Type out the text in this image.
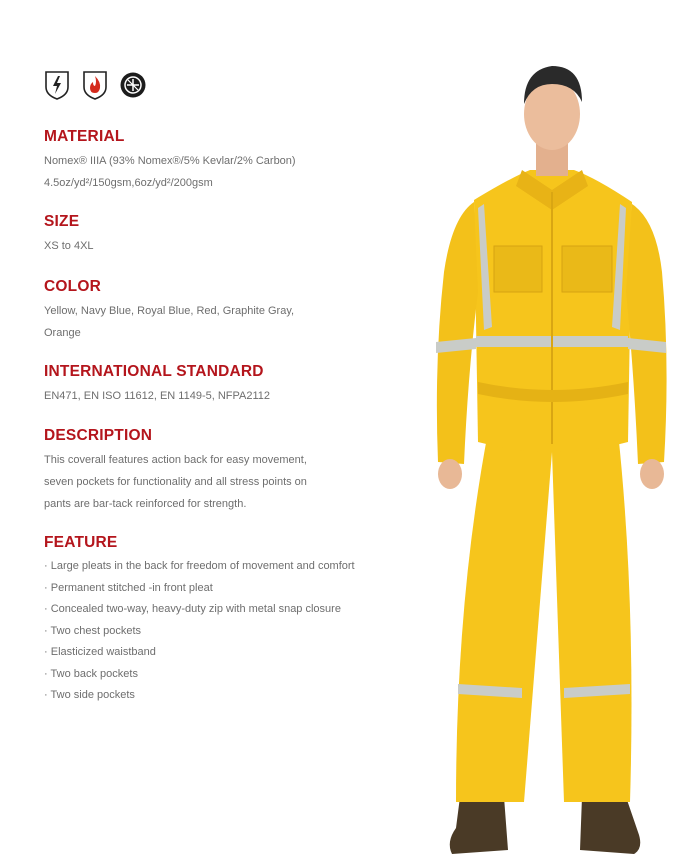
MATERIAL

Nomex® IIIA (93% Nomex®/5% Kevlar/2% Carbon)

4.5oz/yd²/150gsm,6oz/yd²/200gsm

SIZE

XS to 4XL

COLOR

Yellow, Navy Blue, Royal Blue, Red, Graphite Gray,

Orange

INTERNATIONAL STANDARD

EN471, EN ISO 11612, EN 1149-5, NFPA2112

DESCRIPTION

This coverall features action back for easy movement,

seven pockets for functionality and all stress points on

pants are bar-tack reinforced for strength.

FEATURE
· Large pleats in the back for freedom of movement and comfort
· Permanent stitched -in front pleat
· Concealed two-way, heavy-duty zip with metal snap closure
· Two chest pockets
· Elasticized waistband
· Two back pockets
· Two side pockets
